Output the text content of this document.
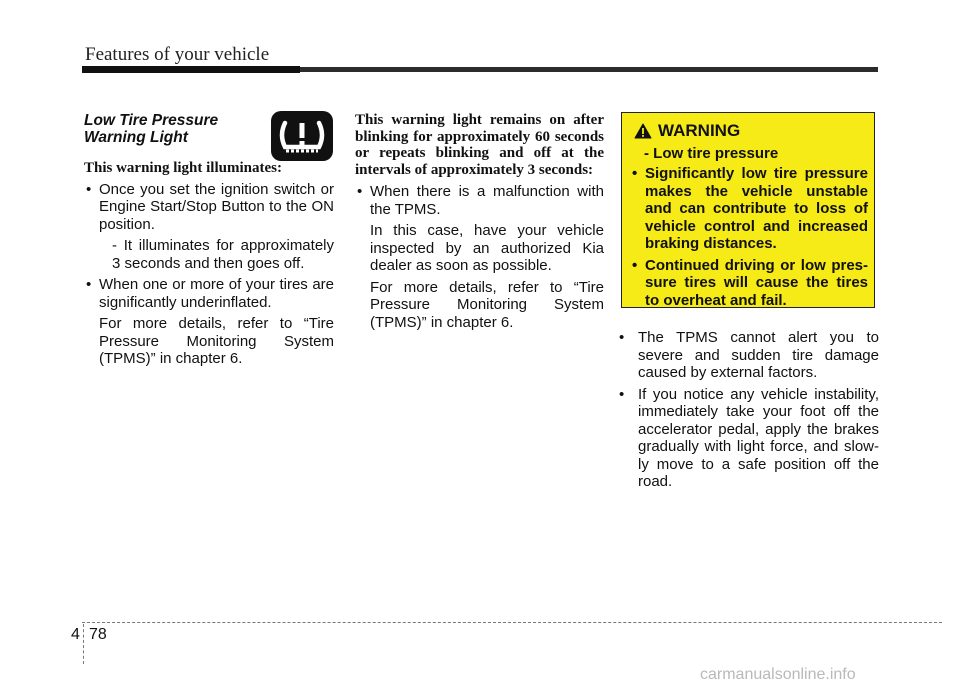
Features of your vehicle
Low Tire Pressure
Warning Light

This warning light illuminates:

• Once you set the ignition switch or Engine Start/Stop Button to the ON position.

- It illuminates for approximately 3 seconds and then goes off.

• When one or more of your tires are significantly underinflated.

For more details, refer to “Tire Pressure Monitoring System (TPMS)” in chapter 6.

This warning light remains on after blinking for approximately 60 seconds or repeats blinking and off at the intervals of approximately 3 seconds:

• When there is a malfunction with the TPMS.

In this case, have your vehicle inspected by an authorized Kia dealer as soon as possible.

For more details, refer to “Tire Pressure Monitoring System (TPMS)” in chapter 6.

WARNING
- Low tire pressure

• Significantly low tire pressure makes the vehicle unstable and can contribute to loss of vehicle control and increased braking distances.

• Continued driving or low pres-sure tires will cause the tires to overheat and fail.

• The TPMS cannot alert you to severe and sudden tire damage caused by external factors.

• If you notice any vehicle instability, immediately take your foot off the accelerator pedal, apply the brakes gradually with light force, and slow-ly move to a safe position off the road.

4 78
carmanualsonline.info
